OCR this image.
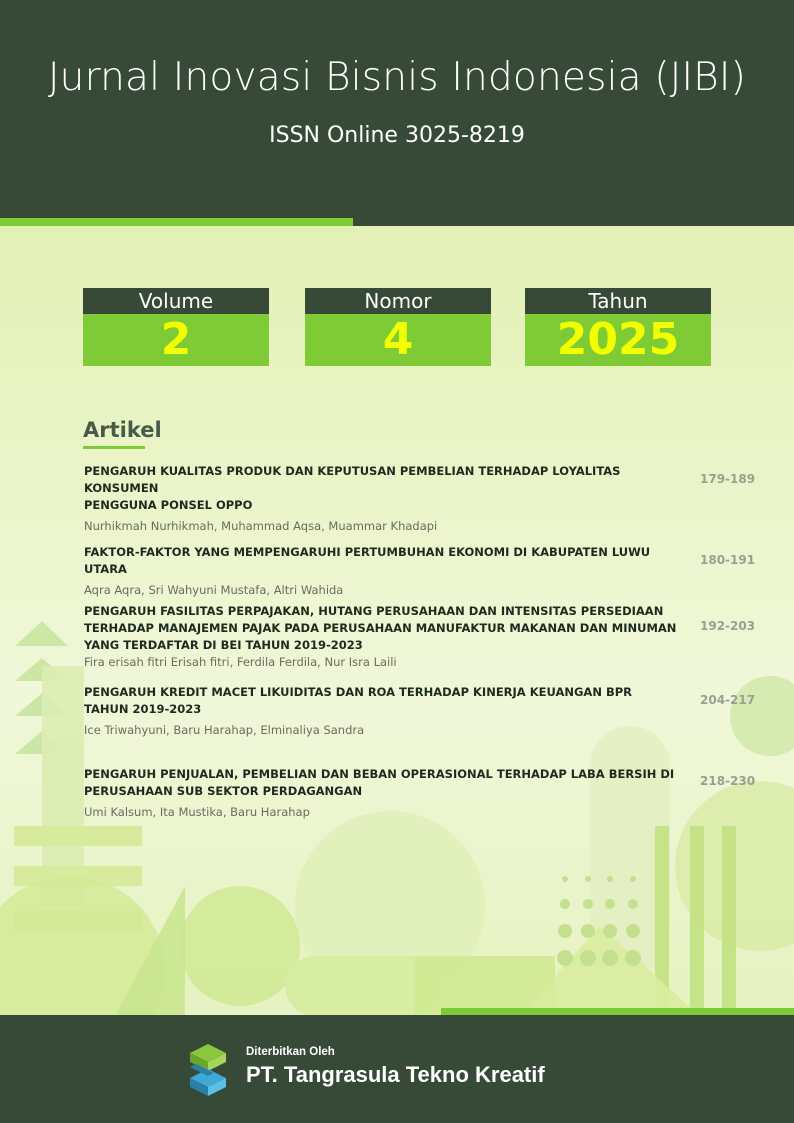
Jurnal Inovasi Bisnis Indonesia (JIBI)
ISSN Online 3025-8219
Volume
2
Nomor
4
Tahun
2025
Artikel
PENGARUH KUALITAS PRODUK DAN KEPUTUSAN PEMBELIAN TERHADAP LOYALITAS KONSUMEN
PENGGUNA PONSEL OPPO
Nurhikmah Nurhikmah, Muhammad Aqsa, Muammar Khadapi
179-189
FAKTOR-FAKTOR YANG MEMPENGARUHI PERTUMBUHAN EKONOMI DI KABUPATEN LUWU UTARA
Aqra Aqra, Sri Wahyuni Mustafa, Altri Wahida
180-191
PENGARUH FASILITAS PERPAJAKAN, HUTANG PERUSAHAAN DAN INTENSITAS PERSEDIAAN
TERHADAP MANAJEMEN PAJAK PADA PERUSAHAAN MANUFAKTUR MAKANAN DAN MINUMAN
YANG TERDAFTAR DI BEI TAHUN 2019-2023
Fira erisah fitri Erisah fitri, Ferdila Ferdila, Nur Isra Laili
192-203
PENGARUH KREDIT MACET LIKUIDITAS DAN ROA TERHADAP KINERJA KEUANGAN BPR
TAHUN 2019-2023
Ice Triwahyuni, Baru Harahap, Elminaliya Sandra
204-217
PENGARUH PENJUALAN, PEMBELIAN DAN BEBAN OPERASIONAL TERHADAP LABA BERSIH DI
PERUSAHAAN SUB SEKTOR PERDAGANGAN
Umi Kalsum, Ita Mustika, Baru Harahap
218-230
Diterbitkan Oleh
PT. Tangrasula Tekno Kreatif
